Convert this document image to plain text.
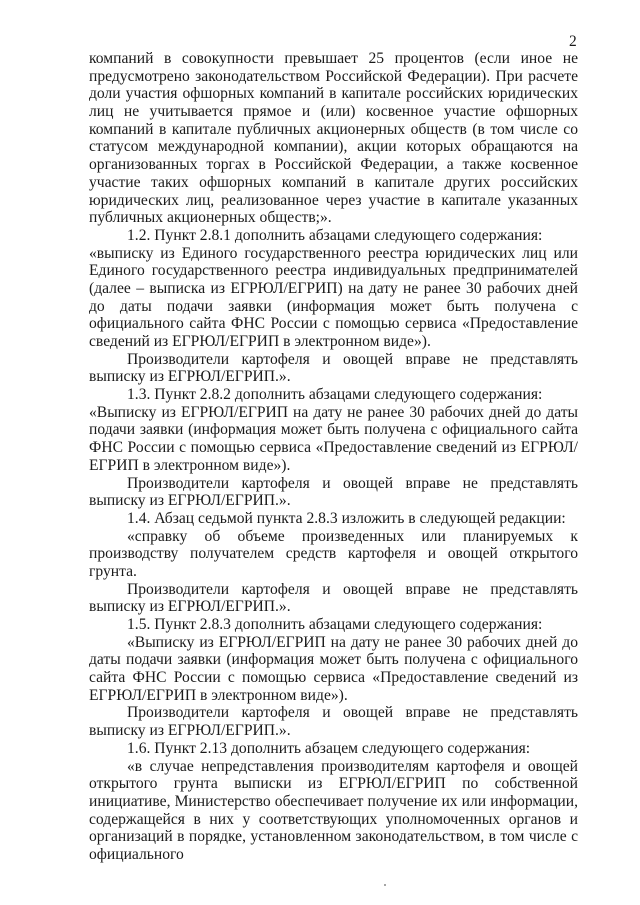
2

компаний в совокупности превышает 25 процентов (если иное не предусмотрено законодательством Российской Федерации). При расчете доли участия офшорных компаний в капитале российских юридических лиц не учитывается прямое и (или) косвенное участие офшорных компаний в капитале публичных акционерных обществ (в том числе со статусом международной компании), акции которых обращаются на организованных торгах в Российской Федерации, а также косвенное участие таких офшорных компаний в капитале других российских юридических лиц, реализованное через участие в капитале указанных публичных акционерных обществ;».

1.2. Пункт 2.8.1 дополнить абзацами следующего содержания:

«выписку из Единого государственного реестра юридических лиц или Единого государственного реестра индивидуальных предпринимателей (далее – выписка из ЕГРЮЛ/ЕГРИП) на дату не ранее 30 рабочих дней до даты подачи заявки (информация может быть получена с официального сайта ФНС России с помощью сервиса «Предоставление сведений из ЕГРЮЛ/ЕГРИП в электронном виде»).

Производители картофеля и овощей вправе не представлять выписку из ЕГРЮЛ/ЕГРИП.».

1.3. Пункт 2.8.2 дополнить абзацами следующего содержания:

«Выписку из ЕГРЮЛ/ЕГРИП на дату не ранее 30 рабочих дней до даты подачи заявки (информация может быть получена с официального сайта ФНС России с помощью сервиса «Предоставление сведений из ЕГРЮЛ/ЕГРИП в электронном виде»).

Производители картофеля и овощей вправе не представлять выписку из ЕГРЮЛ/ЕГРИП.».

1.4. Абзац седьмой пункта 2.8.3 изложить в следующей редакции:

«справку об объеме произведенных или планируемых к производству получателем средств картофеля и овощей открытого грунта.

Производители картофеля и овощей вправе не представлять выписку из ЕГРЮЛ/ЕГРИП.».

1.5. Пункт 2.8.3 дополнить абзацами следующего содержания:

«Выписку из ЕГРЮЛ/ЕГРИП на дату не ранее 30 рабочих дней до даты подачи заявки (информация может быть получена с официального сайта ФНС России с помощью сервиса «Предоставление сведений из ЕГРЮЛ/ЕГРИП в электронном виде»).

Производители картофеля и овощей вправе не представлять выписку из ЕГРЮЛ/ЕГРИП.».

1.6. Пункт 2.13 дополнить абзацем следующего содержания:

«в случае непредставления производителям картофеля и овощей открытого грунта выписки из ЕГРЮЛ/ЕГРИП по собственной инициативе, Министерство обеспечивает получение их или информации, содержащейся в них у соответствующих уполномоченных органов и организаций в порядке, установленном законодательством, в том числе с официального
